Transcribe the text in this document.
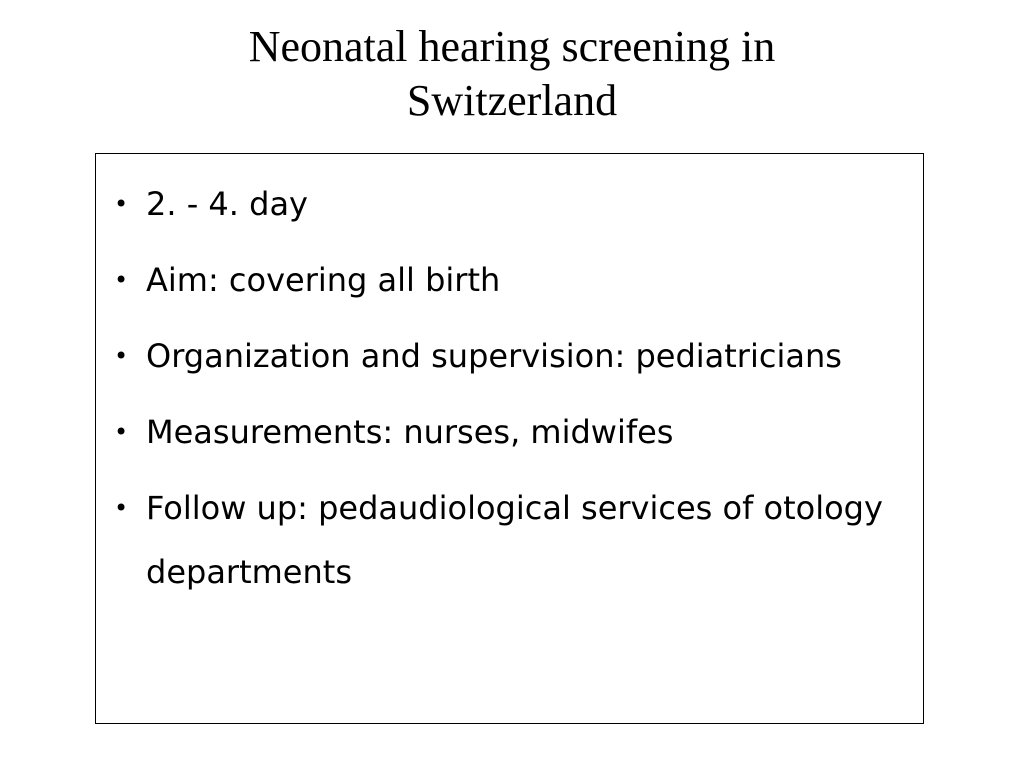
Neonatal hearing screening in
Switzerland
• 2. - 4. day
• Aim: covering all birth
• Organization and supervision: pediatricians
• Measurements: nurses, midwifes
• Follow up: pedaudiological services of otology departments
